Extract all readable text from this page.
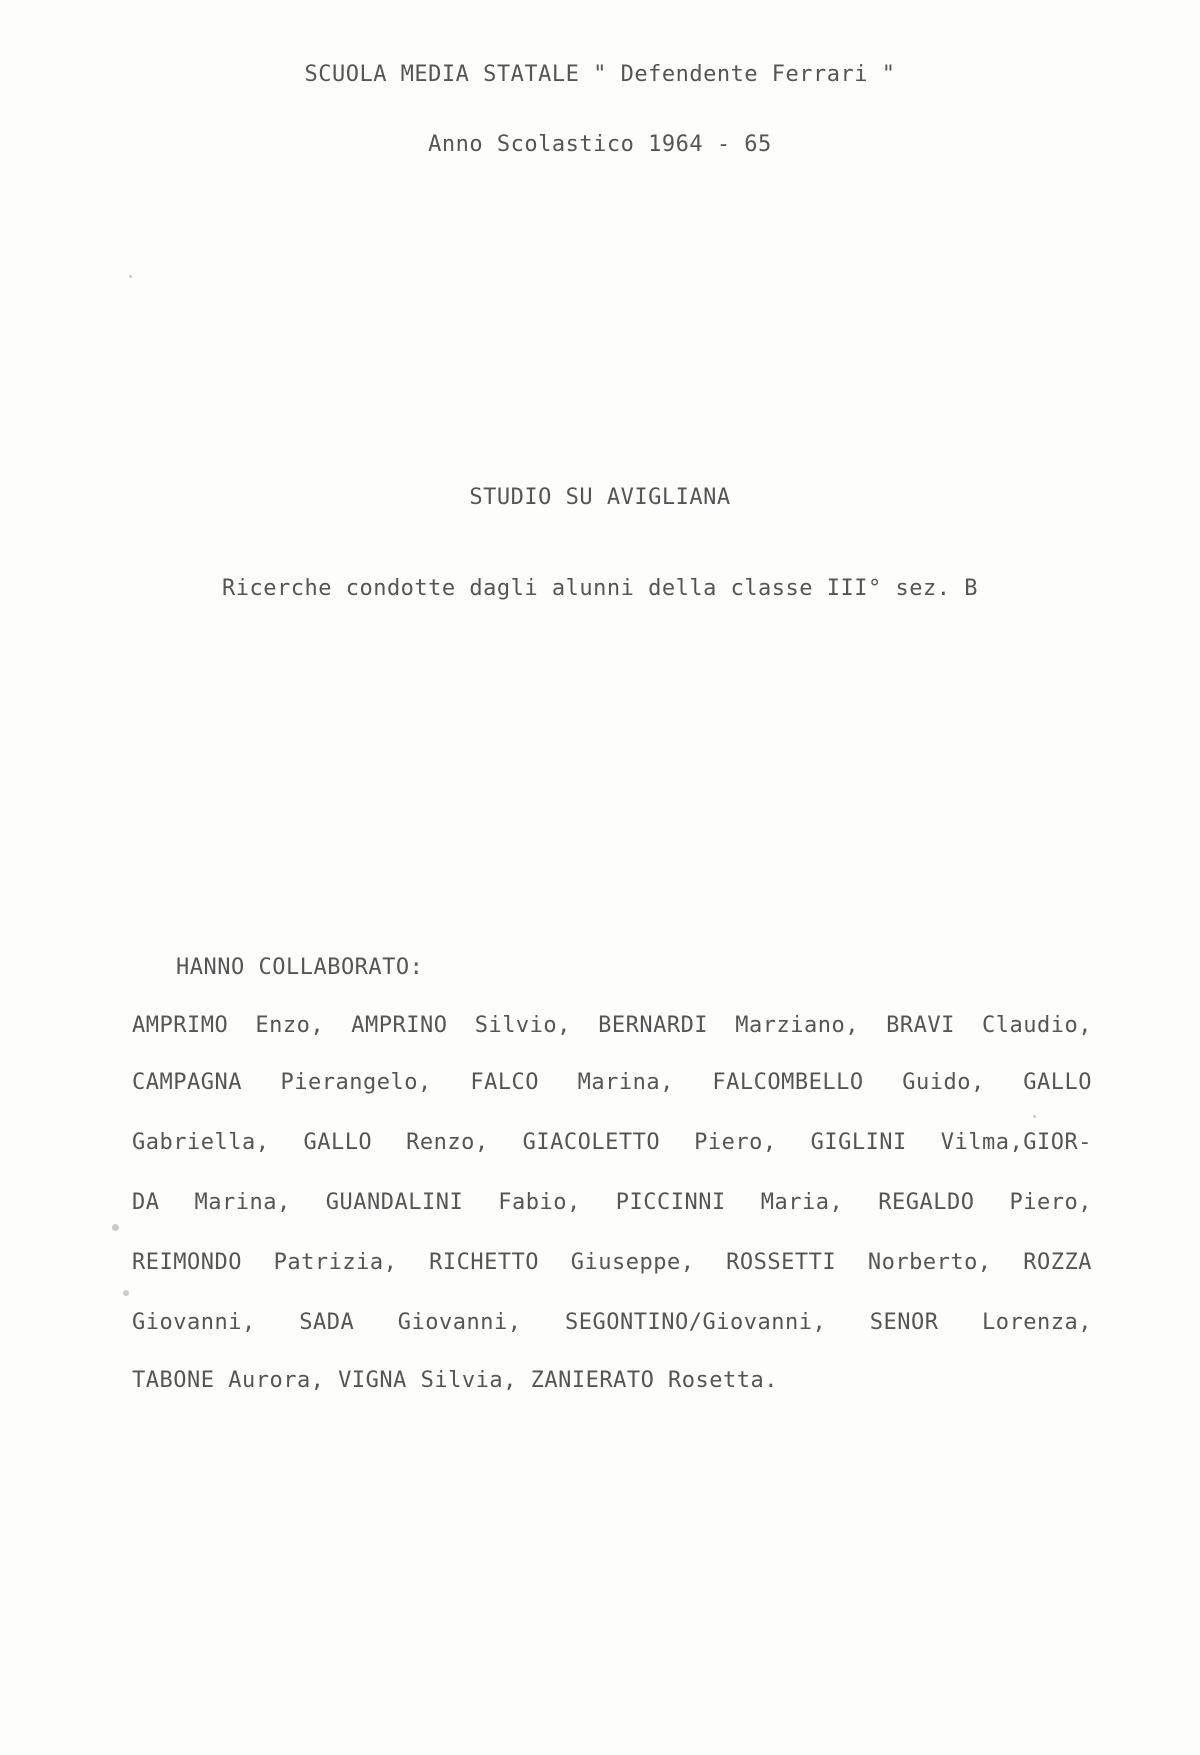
SCUOLA MEDIA STATALE " Defendente Ferrari "
Anno Scolastico 1964 - 65
STUDIO SU AVIGLIANA
Ricerche condotte dagli alunni della classe III° sez. B
HANNO COLLABORATO:
AMPRIMO Enzo, AMPRINO Silvio, BERNARDI Marziano, BRAVI Claudio,
CAMPAGNA Pierangelo, FALCO Marina, FALCOMBELLO Guido, GALLO
Gabriella, GALLO Renzo, GIACOLETTO Piero, GIGLINI Vilma,GIOR-
DA Marina, GUANDALINI Fabio, PICCINNI Maria, REGALDO Piero,
REIMONDO Patrizia, RICHETTO Giuseppe, ROSSETTI Norberto, ROZZA
Giovanni, SADA Giovanni, SEGONTINO/Giovanni, SENOR Lorenza,
TABONE Aurora, VIGNA Silvia, ZANIERATO Rosetta.
